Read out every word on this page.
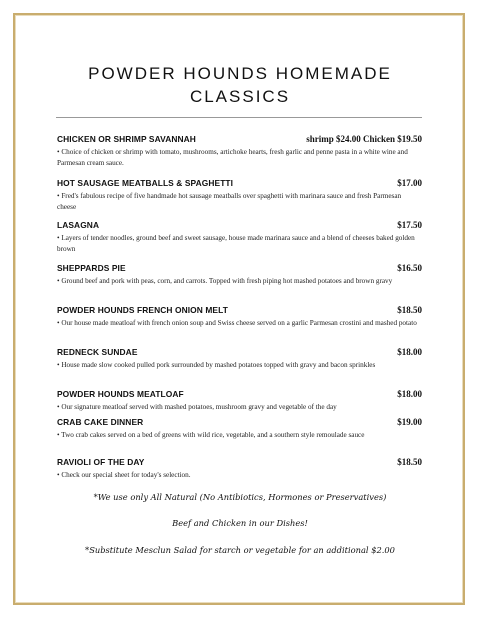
POWDER HOUNDS HOMEMADE
CLASSICS
CHICKEN OR SHRIMP SAVANNAH	shrimp $24.00 Chicken $19.50
• Choice of chicken or shrimp with tomato, mushrooms, artichoke hearts, fresh garlic and penne pasta in a white wine and Parmesan cream sauce.
HOT SAUSAGE MEATBALLS & SPAGHETTI	$17.00
• Fred's fabulous recipe of five handmade hot sausage meatballs over spaghetti with marinara sauce and fresh Parmesan cheese
LASAGNA	$17.50
• Layers of tender noodles, ground beef and sweet sausage, house made marinara sauce and a blend of cheeses baked golden brown
SHEPPARDS PIE	$16.50
• Ground beef and pork with peas, corn, and carrots. Topped with fresh piping hot mashed potatoes and brown gravy
POWDER HOUNDS FRENCH ONION MELT	$18.50
• Our house made meatloaf with french onion soup and Swiss cheese served on a garlic Parmesan crostini and mashed potato
REDNECK SUNDAE	$18.00
• House made slow cooked pulled pork surrounded by mashed potatoes topped with gravy and bacon sprinkles
POWDER HOUNDS MEATLOAF	$18.00
• Our signature meatloaf served with mashed potatoes, mushroom gravy and vegetable of the day
CRAB CAKE DINNER	$19.00
• Two crab cakes served on a bed of greens with wild rice, vegetable, and a southern style remoulade sauce
RAVIOLI OF THE DAY	$18.50
• Check our special sheet for today's selection.
*We use only All Natural (No Antibiotics, Hormones or Preservatives)
Beef and Chicken in our Dishes!
*Substitute Mesclun Salad for starch or vegetable for an additional $2.00
